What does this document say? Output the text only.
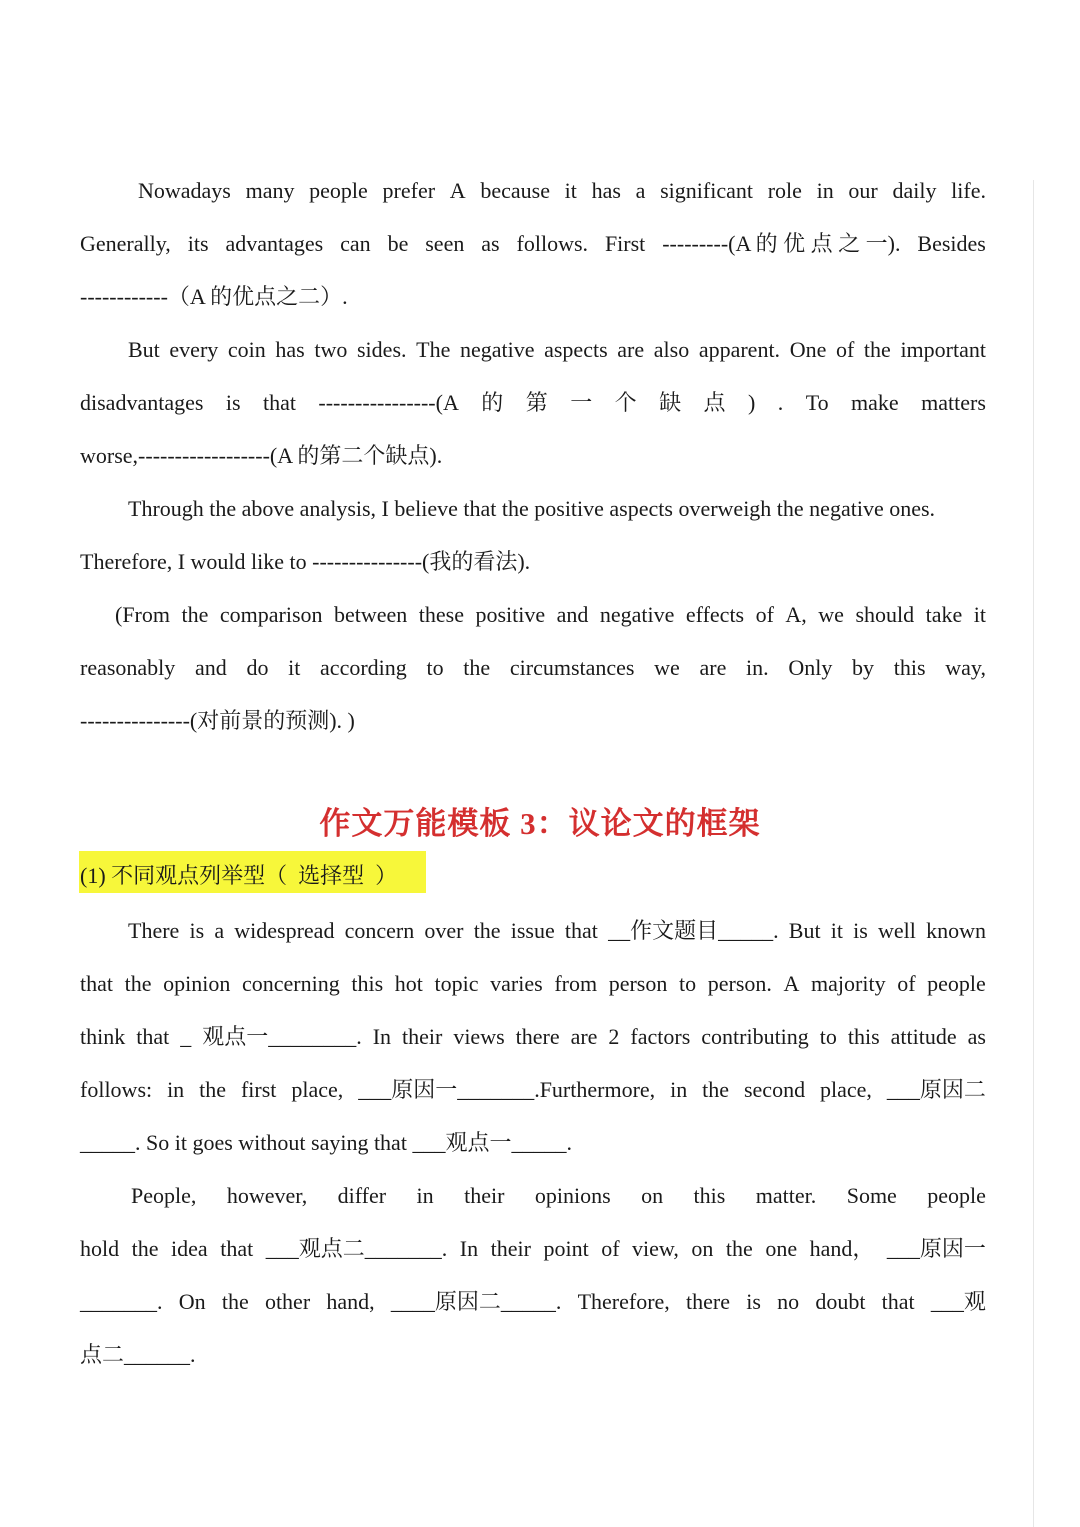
Nowadays many people prefer A because it has a significant role in our daily life.
Generally, its advantages can be seen as follows. First ---------(A 的 优 点 之 一). Besides
------------（A 的优点之二）.
But every coin has two sides. The negative aspects are also apparent. One of the important
disadvantages is that ----------------(A 的 第 一 个 缺 点 ) . To make matters
worse,------------------(A 的第二个缺点).
Through the above analysis, I believe that the positive aspects overweigh the negative ones.
Therefore, I would like to ---------------(我的看法).
(From the comparison between these positive and negative effects of A, we should take it
reasonably and do it according to the circumstances we are in. Only by this way,
---------------(对前景的预测). )
作文万能模板 3：议论文的框架
(1) 不同观点列举型（  选择型  ）
There is a widespread concern over the issue that __作文题目_____. But it is well known
that the opinion concerning this hot topic varies from person to person. A majority of people
think that _ 观点一________. In their views there are 2 factors contributing to this attitude as
follows: in the first place, ___原因一_______.Furthermore, in the second place, ___原因二
_____. So it goes without saying that ___观点一_____.
People, however, differ in their opinions on this matter. Some people
hold the idea that ___观点二_______. In their point of view, on the one hand， ___原因一
_______. On the other hand, ____原因二_____. Therefore, there is no doubt that ___观
点二______.
